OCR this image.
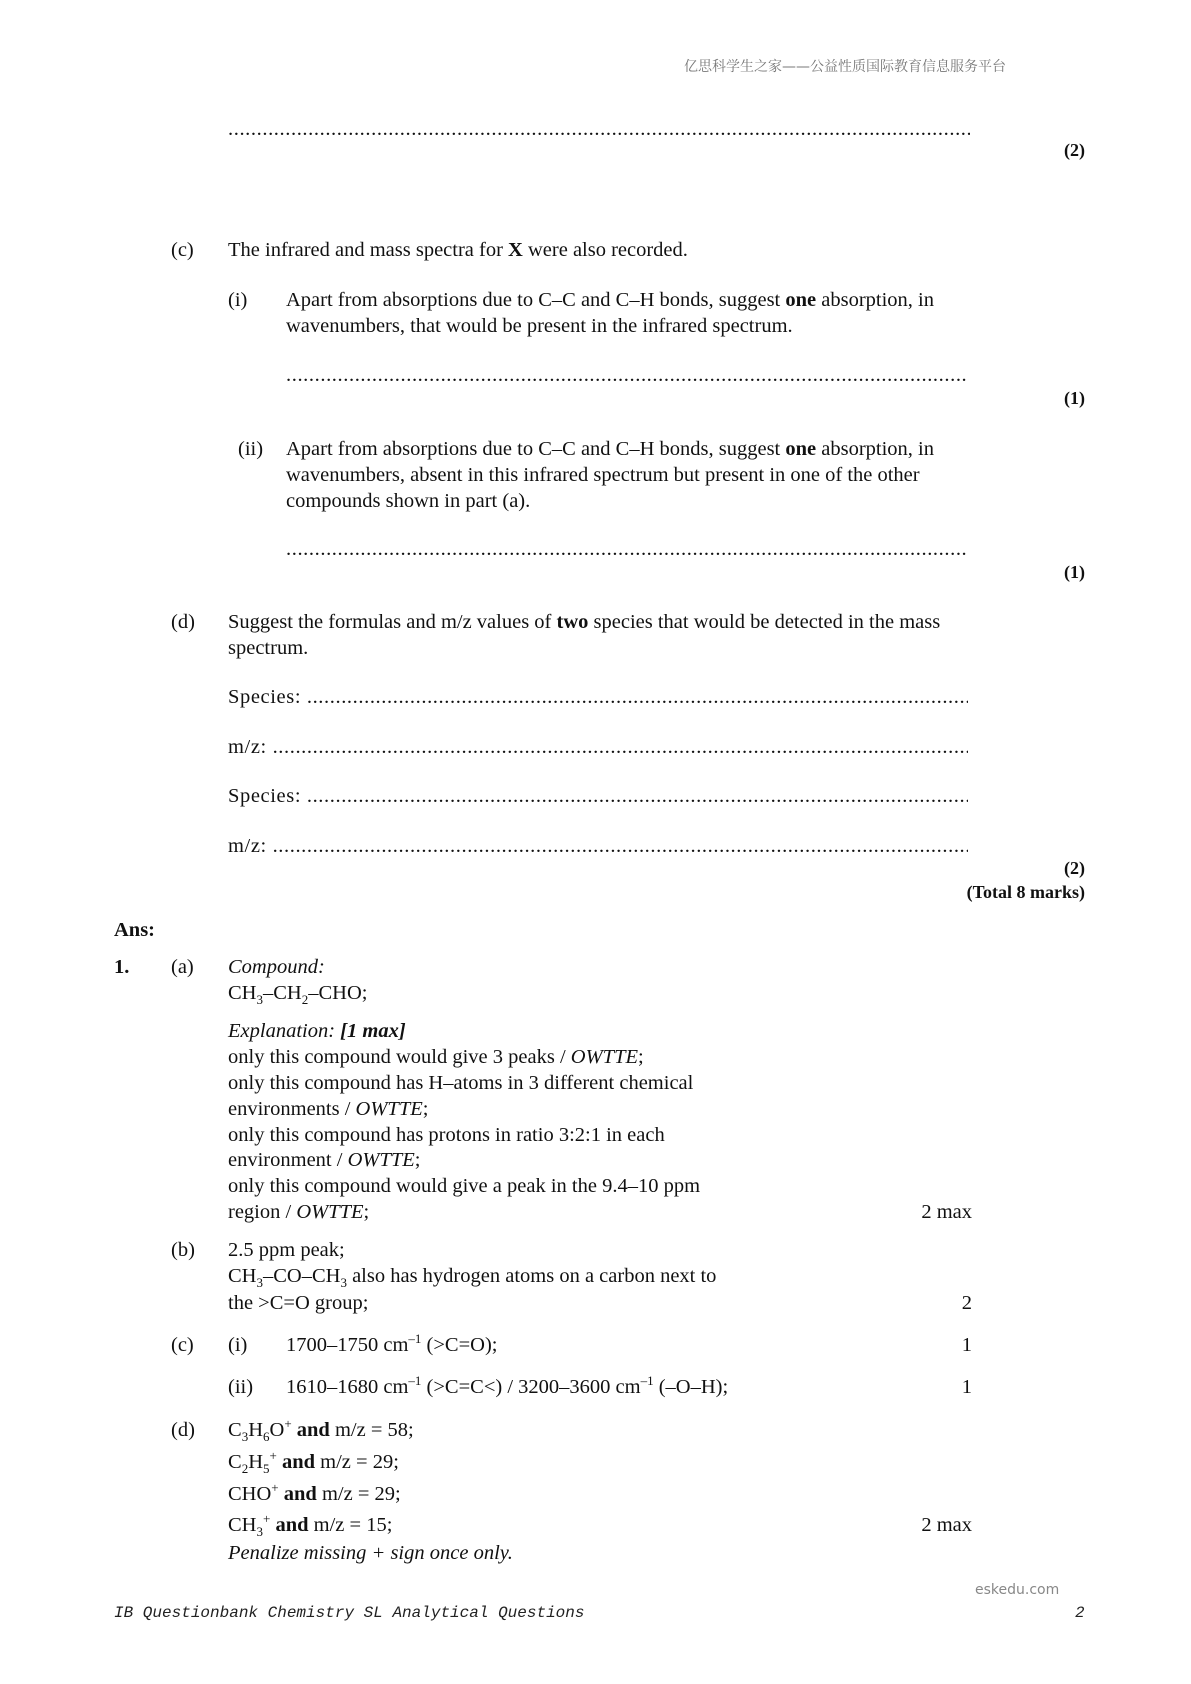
亿思科学生之家——公益性质国际教育信息服务平台
.....
(2)
(c) The infrared and mass spectra for X were also recorded.
(i) Apart from absorptions due to C–C and C–H bonds, suggest one absorption, in
wavenumbers, that would be present in the infrared spectrum.
.....
(1)
(ii) Apart from absorptions due to C–C and C–H bonds, suggest one absorption, in
wavenumbers, absent in this infrared spectrum but present in one of the other
compounds shown in part (a).
.....
(1)
(d) Suggest the formulas and m/z values of two species that would be detected in the mass
spectrum.
Species: .....
m/z: .....
Species: .....
m/z: .....
(2)
(Total 8 marks)
Ans:
1. (a) Compound:
$CH_3-CH_2$–CHO;
Explanation: [1 max]
only this compound would give 3 peaks / OWTTE;
only this compound has H–atoms in 3 different chemical
environments / OWTTE;
only this compound has protons in ratio 3:2:1 in each
environment / OWTTE;
only this compound would give a peak in the 9.4–10 ppm
region / OWTTE;	2 max
(b) 2.5 ppm peak;
$CH_3-CO-CH_3$ also has hydrogen atoms on a carbon next to
the >C=O group;	2
(c) (i) 1700–1750 $cm^{-1}$ (>C=O);	1
(ii) 1610–1680 $cm^{-1}$ (>C=C<) / 3200–3600 $cm^{-1}$ (–O–H);	1
(d) $C_3H_6O^+$ and m/z = 58;
$C_2H_5^+$ and m/z = 29;
CHO+ and m/z = 29;
$CH_3^+$ and m/z = 15;	2 max
Penalize missing + sign once only.
eskedu.com
IB Questionbank Chemistry SL Analytical Questions	2
